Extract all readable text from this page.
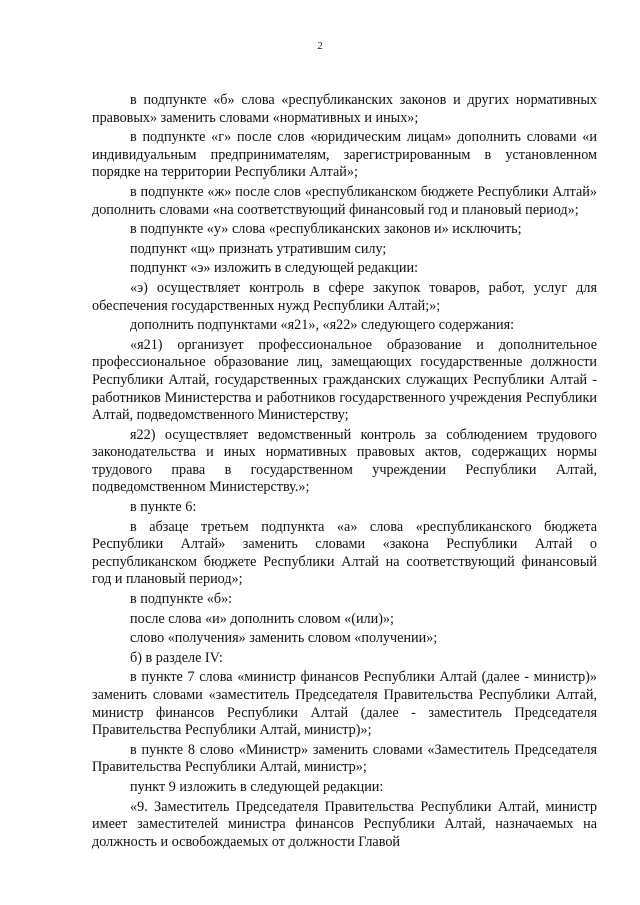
2

в подпункте «б» слова «республиканских законов и других нормативных правовых» заменить словами «нормативных и иных»;

в подпункте «г» после слов «юридическим лицам» дополнить словами «и индивидуальным предпринимателям, зарегистрированным в установленном порядке на территории Республики Алтай»;

в подпункте «ж» после слов «республиканском бюджете Республики Алтай» дополнить словами «на соответствующий финансовый год и плановый период»;

в подпункте «у» слова «республиканских законов и» исключить;

подпункт «щ» признать утратившим силу;

подпункт «э» изложить в следующей редакции:

«э) осуществляет контроль в сфере закупок товаров, работ, услуг для обеспечения государственных нужд Республики Алтай;»;

дополнить подпунктами «я21», «я22» следующего содержания:

«я21) организует профессиональное образование и дополнительное профессиональное образование лиц, замещающих государственные должности Республики Алтай, государственных гражданских служащих Республики Алтай - работников Министерства и работников государственного учреждения Республики Алтай, подведомственного Министерству;

я22) осуществляет ведомственный контроль за соблюдением трудового законодательства и иных нормативных правовых актов, содержащих нормы трудового права в государственном учреждении Республики Алтай, подведомственном Министерству.»;

в пункте 6:

в абзаце третьем подпункта «а» слова «республиканского бюджета Республики Алтай» заменить словами «закона Республики Алтай о республиканском бюджете Республики Алтай на соответствующий финансовый год и плановый период»;

в подпункте «б»:

после слова «и» дополнить словом «(или)»;

слово «получения» заменить словом «получении»;

б) в разделе IV:

в пункте 7 слова «министр финансов Республики Алтай (далее - министр)» заменить словами «заместитель Председателя Правительства Республики Алтай, министр финансов Республики Алтай (далее - заместитель Председателя Правительства Республики Алтай, министр)»;

в пункте 8 слово «Министр» заменить словами «Заместитель Председателя Правительства Республики Алтай, министр»;

пункт 9 изложить в следующей редакции:

«9. Заместитель Председателя Правительства Республики Алтай, министр имеет заместителей министра финансов Республики Алтай, назначаемых на должность и освобождаемых от должности Главой
